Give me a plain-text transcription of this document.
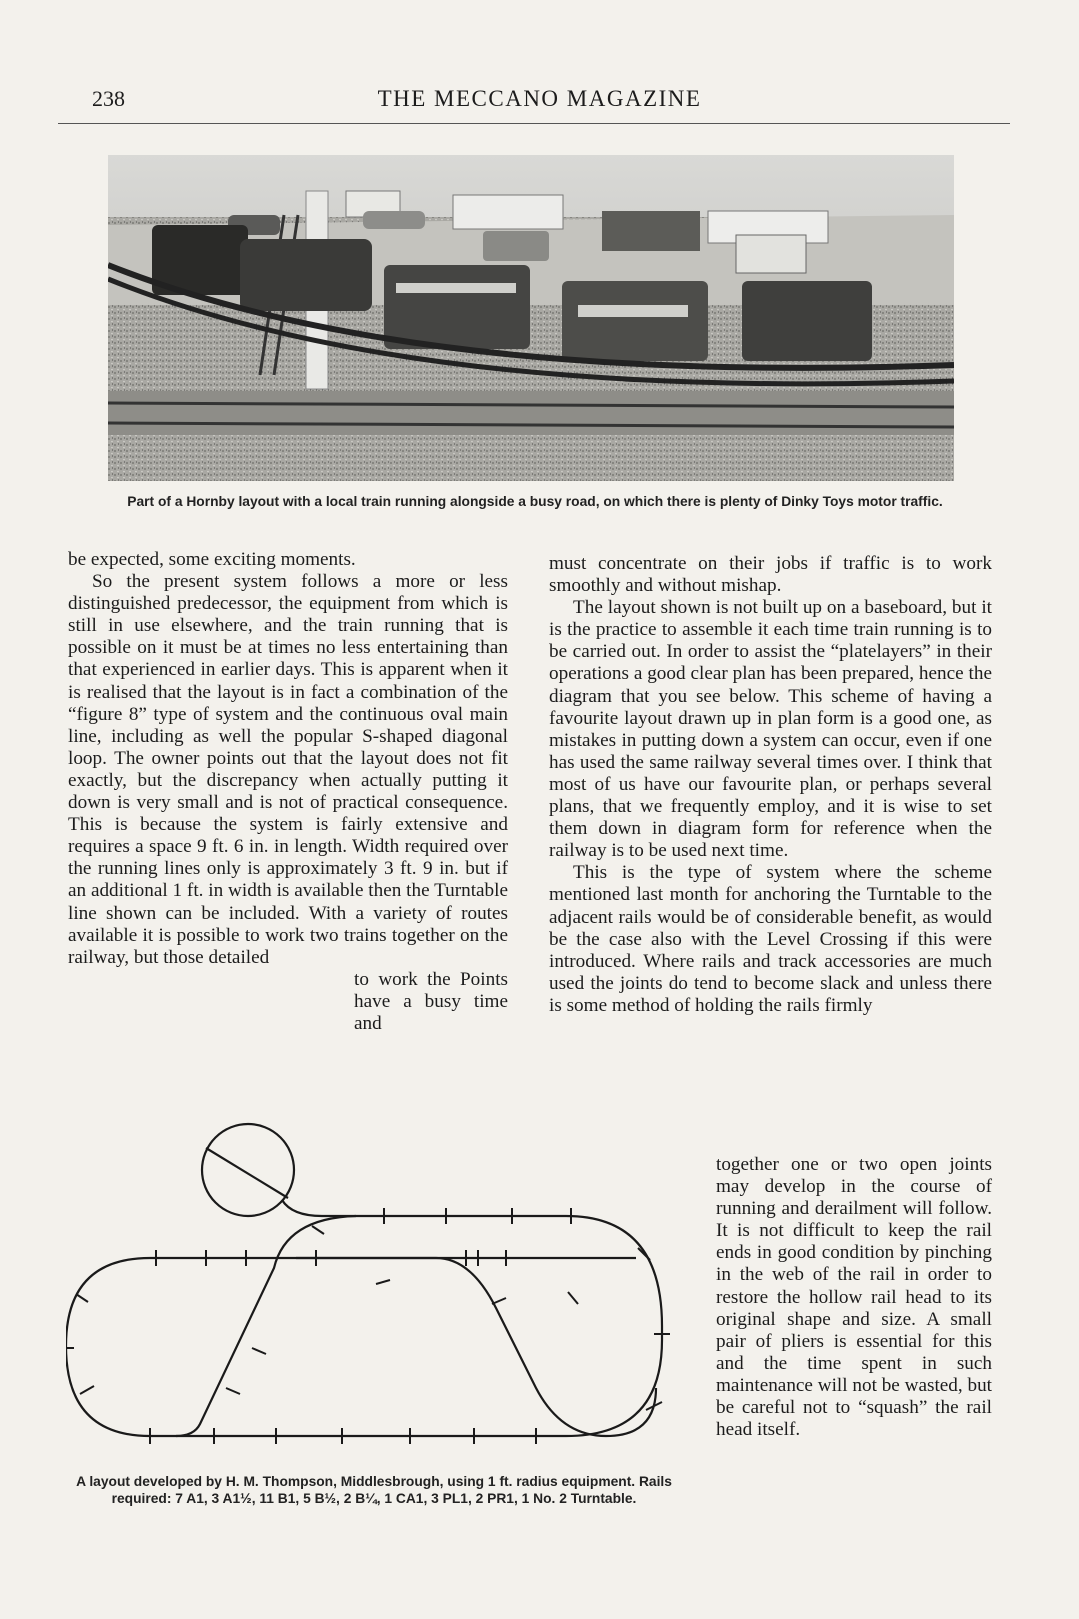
238	THE MECCANO MAGAZINE
Part of a Hornby layout with a local train running alongside a busy road, on which there is plenty of Dinky Toys motor traffic.

be expected, some exciting moments.

So the present system follows a more or less distinguished predecessor, the equipment from which is still in use elsewhere, and the train running that is possible on it must be at times no less entertaining than that experienced in earlier days. This is apparent when it is realised that the layout is in fact a combination of the “figure 8” type of system and the continuous oval main line, including as well the popular S-shaped diagonal loop. The owner points out that the layout does not fit exactly, but the discrepancy when actually putting it down is very small and is not of practical consequence. This is because the system is fairly extensive and requires a space 9 ft. 6 in. in length. Width required over the running lines only is approximately 3 ft. 9 in. but if an additional 1 ft. in width is available then the Turntable line shown can be included. With a variety of routes available it is possible to work two trains together on the railway, but those detailed

to work the Points have a busy time and

must concentrate on their jobs if traffic is to work smoothly and without mishap.

The layout shown is not built up on a baseboard, but it is the practice to assemble it each time train running is to be carried out. In order to assist the “platelayers” in their operations a good clear plan has been prepared, hence the diagram that you see below. This scheme of having a favourite layout drawn up in plan form is a good one, as mistakes in putting down a system can occur, even if one has used the same railway several times over. I think that most of us have our favourite plan, or perhaps several plans, that we frequently employ, and it is wise to set them down in diagram form for reference when the railway is to be used next time.

This is the type of system where the scheme mentioned last month for anchoring the Turntable to the adjacent rails would be of considerable benefit, as would be the case also with the Level Crossing if this were introduced. Where rails and track accessories are much used the joints do tend to become slack and unless there is some method of holding the rails firmly

together one or two open joints may develop in the course of running and derailment will follow. It is not difficult to keep the rail ends in good condition by pinching in the web of the rail in order to restore the hollow rail head to its original shape and size. A small pair of pliers is essential for this and the time spent in such maintenance will not be wasted, but be careful not to “squash” the rail head itself.

A layout developed by H. M. Thompson, Middlesbrough, using 1 ft. radius equipment. Rails required: 7 A1, 3 A1½, 11 B1, 5 B½, 2 B¼, 1 CA1, 3 PL1, 2 PR1, 1 No. 2 Turntable.
